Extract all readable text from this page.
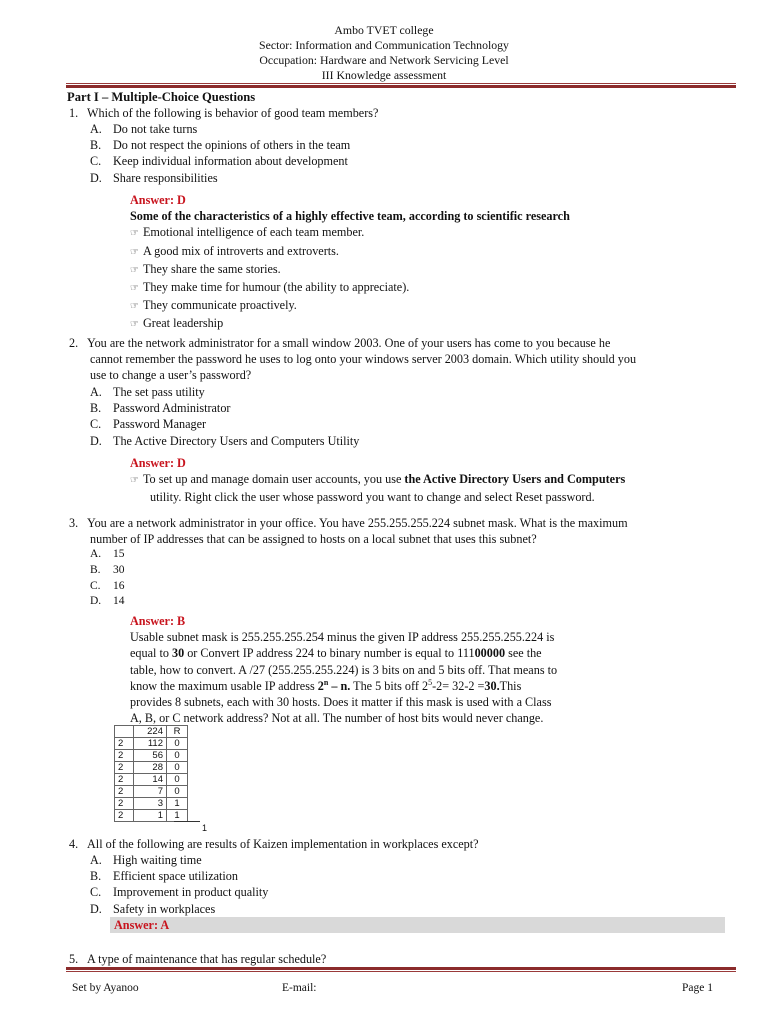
Ambo TVET college
Sector: Information and Communication Technology
Occupation: Hardware and Network Servicing Level
III Knowledge assessment
Part I – Multiple-Choice Questions
1. Which of the following is behavior of good team members?
A. Do not take turns
B. Do not respect the opinions of others in the team
C. Keep individual information about development
D. Share responsibilities
Answer: D
Some of the characteristics of a highly effective team, according to scientific research
☞ Emotional intelligence of each team member.
☞ A good mix of introverts and extroverts.
☞ They share the same stories.
☞ They make time for humour (the ability to appreciate).
☞ They communicate proactively.
☞ Great leadership
2. You are the network administrator for a small window 2003. One of your users has come to you because he
cannot remember the password he uses to log onto your windows server 2003 domain. Which utility should you
use to change a user’s password?
A. The set pass utility
B. Password Administrator
C. Password Manager
D. The Active Directory Users and Computers Utility
Answer: D
☞ To set up and manage domain user accounts, you use the Active Directory Users and Computers
utility. Right click the user whose password you want to change and select Reset password.
3. You are a network administrator in your office. You have 255.255.255.224 subnet mask. What is the maximum
number of IP addresses that can be assigned to hosts on a local subnet that uses this subnet?
A. 15
B. 30
C. 16
D. 14
Answer: B
Usable subnet mask is 255.255.255.254 minus the given IP address 255.255.255.224 is
equal to 30 or Convert IP address 224 to binary number is equal to 11100000 see the
table, how to convert. A /27 (255.255.255.224) is 3 bits on and 5 bits off. That means to
know the maximum usable IP address 2$^n$ – n. The 5 bits off $2^5-2= 32-2$ =30.This
provides 8 subnets, each with 30 hosts. Does it matter if this mask is used with a Class
A, B, or C network address? Not at all. The number of host bits would never change.
	224	R
2	112	0
2	56	0
2	28	0
2	14	0
2	7	0
2	3	1
2	1	1
1
4. All of the following are results of Kaizen implementation in workplaces except?
A. High waiting time
B. Efficient space utilization
C. Improvement in product quality
D. Safety in workplaces
Answer: A
5. A type of maintenance that has regular schedule?
Set by Ayanoo	E-mail:	Page 1
